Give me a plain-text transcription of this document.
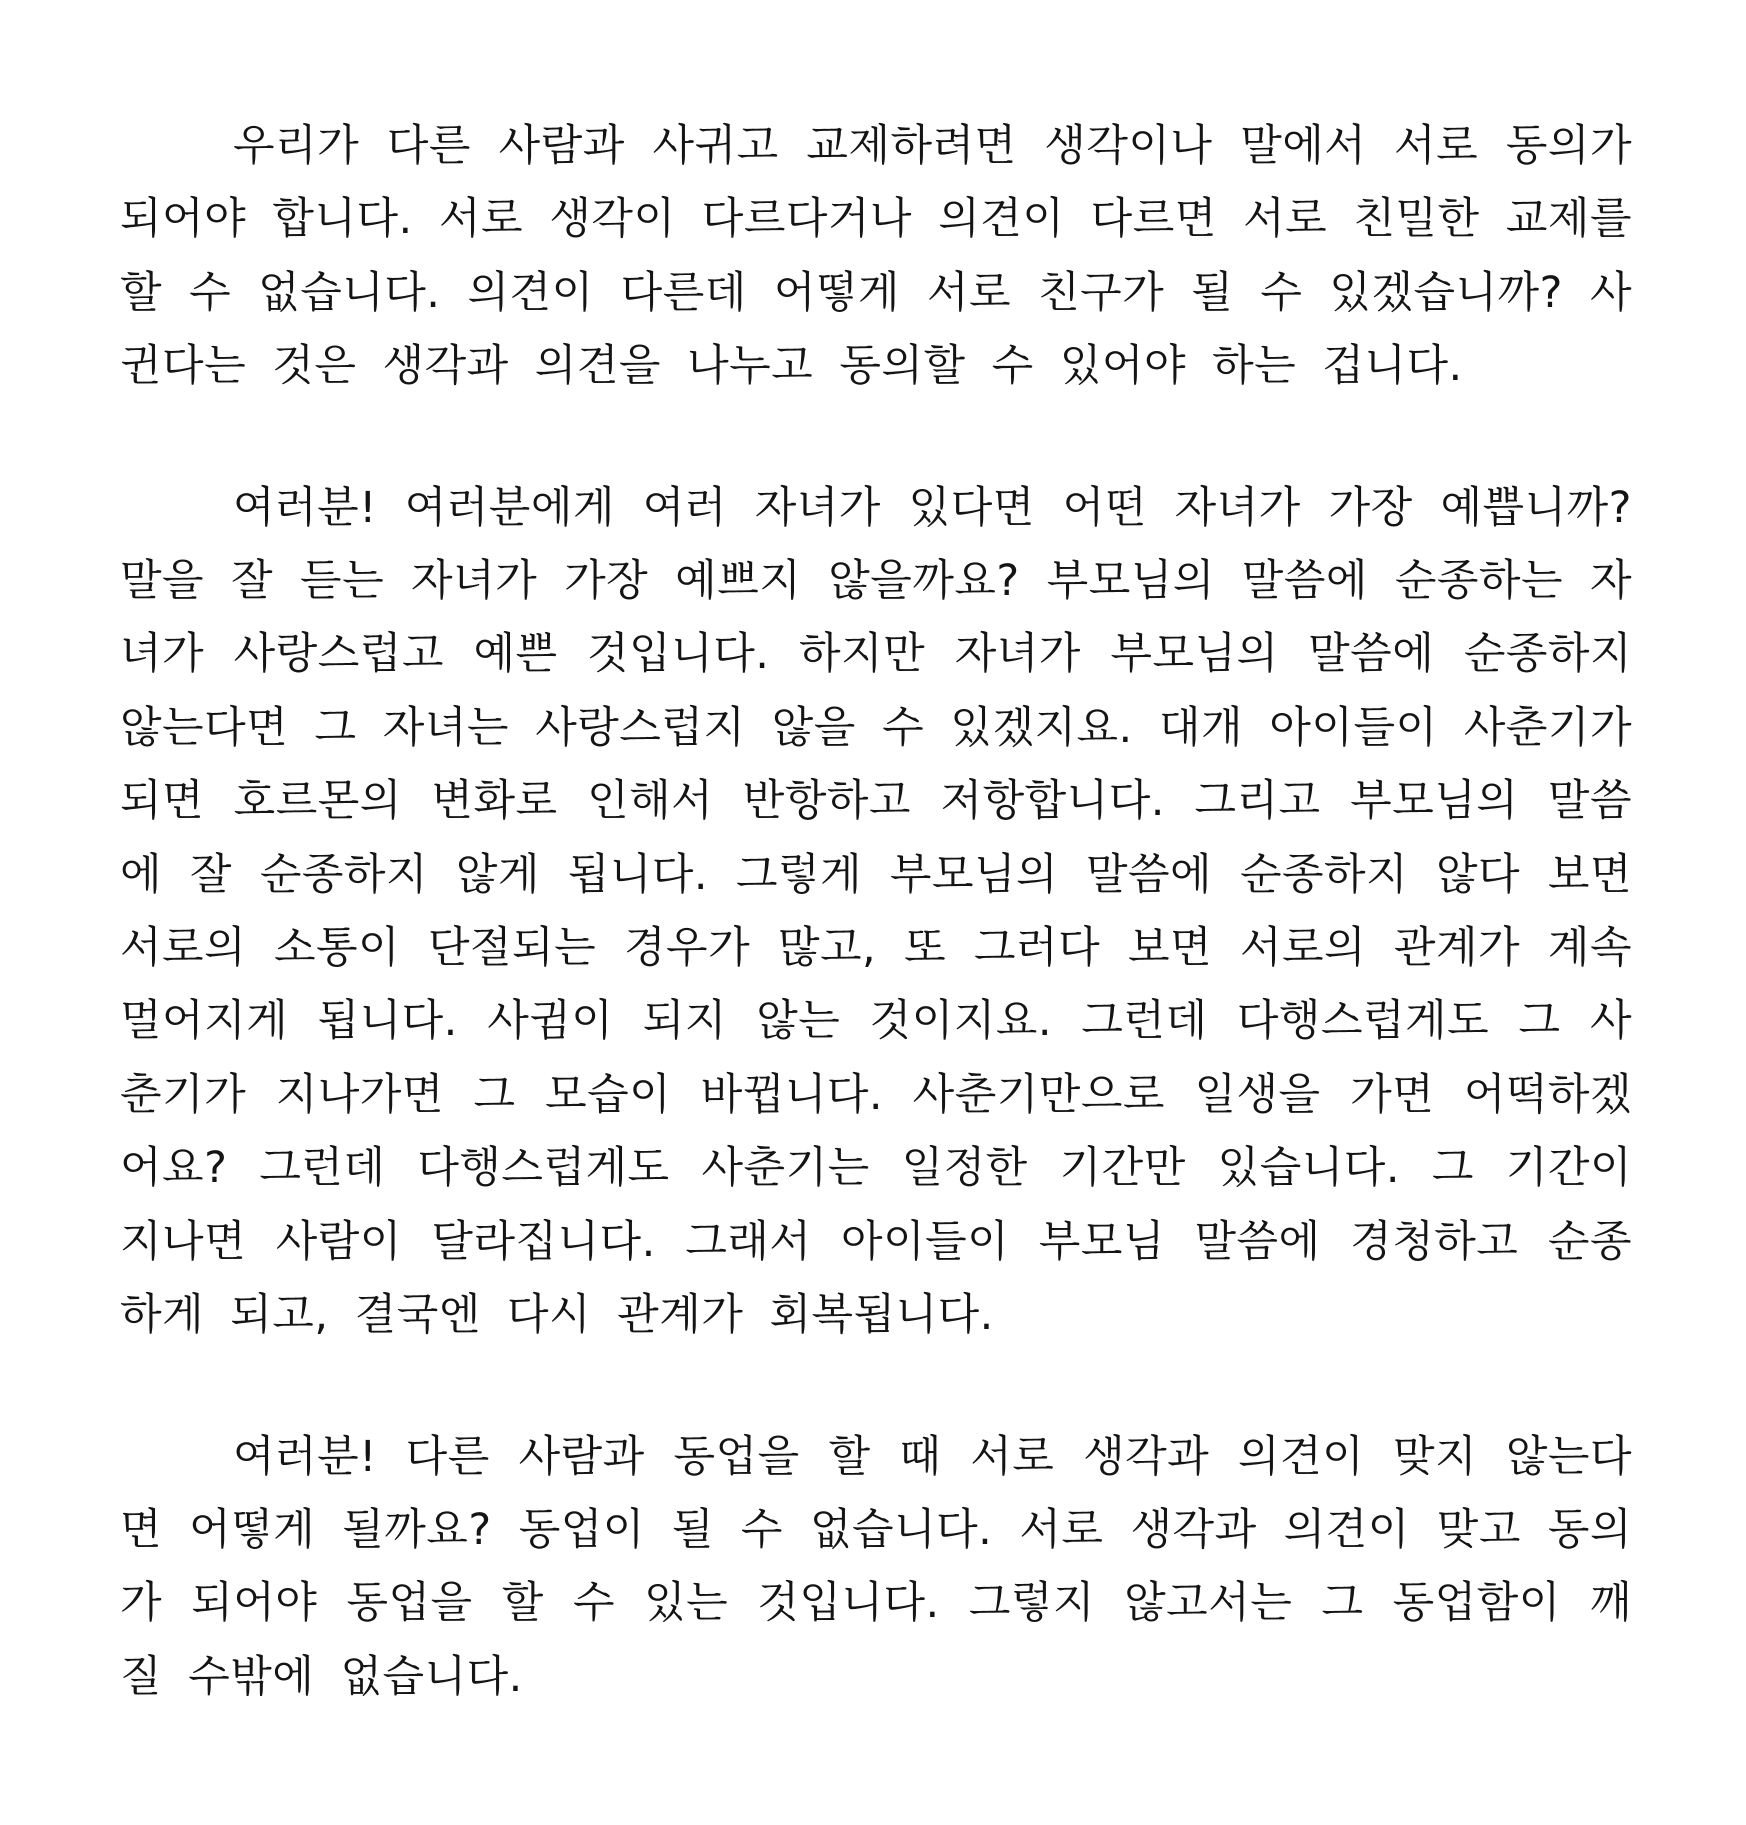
우리가 다른 사람과 사귀고 교제하려면 생각이나 말에서 서로 동의가 되어야 합니다. 서로 생각이 다르다거나 의견이 다르면 서로 친밀한 교제를 할 수 없습니다. 의견이 다른데 어떻게 서로 친구가 될 수 있겠습니까? 사귄다는 것은 생각과 의견을 나누고 동의할 수 있어야 하는 겁니다.

여러분! 여러분에게 여러 자녀가 있다면 어떤 자녀가 가장 예쁩니까? 말을 잘 듣는 자녀가 가장 예쁘지 않을까요? 부모님의 말씀에 순종하는 자녀가 사랑스럽고 예쁜 것입니다. 하지만 자녀가 부모님의 말씀에 순종하지 않는다면 그 자녀는 사랑스럽지 않을 수 있겠지요. 대개 아이들이 사춘기가 되면 호르몬의 변화로 인해서 반항하고 저항합니다. 그리고 부모님의 말씀에 잘 순종하지 않게 됩니다. 그렇게 부모님의 말씀에 순종하지 않다 보면 서로의 소통이 단절되는 경우가 많고, 또 그러다 보면 서로의 관계가 계속 멀어지게 됩니다. 사귐이 되지 않는 것이지요. 그런데 다행스럽게도 그 사춘기가 지나가면 그 모습이 바뀝니다. 사춘기만으로 일생을 가면 어떡하겠어요? 그런데 다행스럽게도 사춘기는 일정한 기간만 있습니다. 그 기간이 지나면 사람이 달라집니다. 그래서 아이들이 부모님 말씀에 경청하고 순종하게 되고, 결국엔 다시 관계가 회복됩니다.

여러분! 다른 사람과 동업을 할 때 서로 생각과 의견이 맞지 않는다면 어떻게 될까요? 동업이 될 수 없습니다. 서로 생각과 의견이 맞고 동의가 되어야 동업을 할 수 있는 것입니다. 그렇지 않고서는 그 동업함이 깨질 수밖에 없습니다.
